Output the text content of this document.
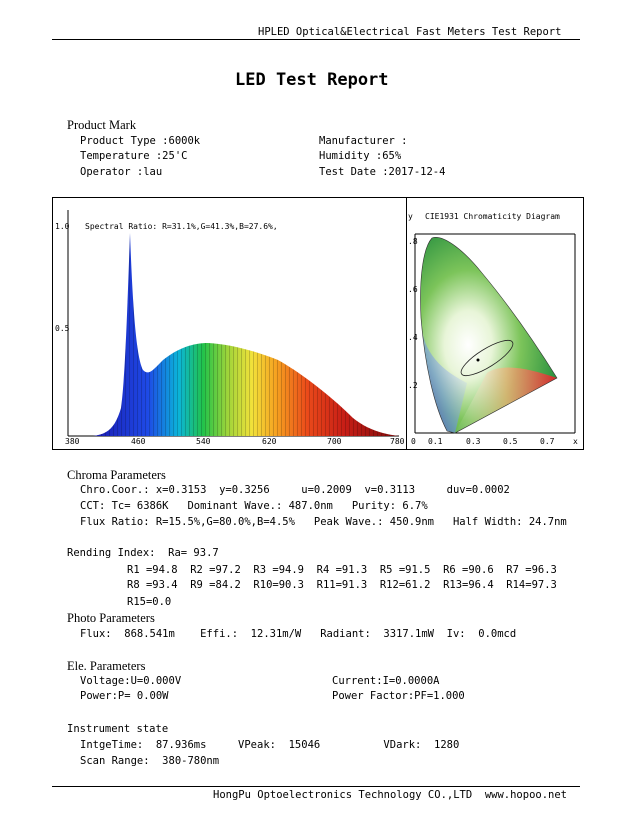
HPLED Optical&Electrical Fast Meters Test Report
LED Test Report
Product Mark
Product Type :6000k	Manufacturer :
Temperature :25'C	Humidity :65%
Operator :lau	Test Date :2017-12-4
1.0
0.5
Spectral Ratio: R=31.1%,G=41.3%,B=27.6%,
380	460	540	620	700	780
y CIE1931 Chromaticity Diagram
.8
.6
.4
.2
0 0.1	0.3	0.5	0.7 x
Chroma Parameters
Chro.Coor.: x=0.3153  y=0.3256     u=0.2009  v=0.3113     duv=0.0002
CCT: Tc= 6386K   Dominant Wave.: 487.0nm   Purity: 6.7%
Flux Ratio: R=15.5%,G=80.0%,B=4.5%   Peak Wave.: 450.9nm   Half Width: 24.7nm
Rending Index:  Ra= 93.7
R1 =94.8  R2 =97.2  R3 =94.9  R4 =91.3  R5 =91.5  R6 =90.6  R7 =96.3
R8 =93.4  R9 =84.2  R10=90.3  R11=91.3  R12=61.2  R13=96.4  R14=97.3
R15=0.0
Photo Parameters
Flux:  868.541m    Effi.:  12.31m/W   Radiant:  3317.1mW  Iv:  0.0mcd
Ele. Parameters
Voltage:U=0.000V	Current:I=0.0000A
Power:P= 0.00W	Power Factor:PF=1.000
Instrument state
IntgeTime:  87.936ms     VPeak:  15046          VDark:  1280
Scan Range:  380-780nm
HongPu Optoelectronics Technology CO.,LTD  www.hopoo.net
